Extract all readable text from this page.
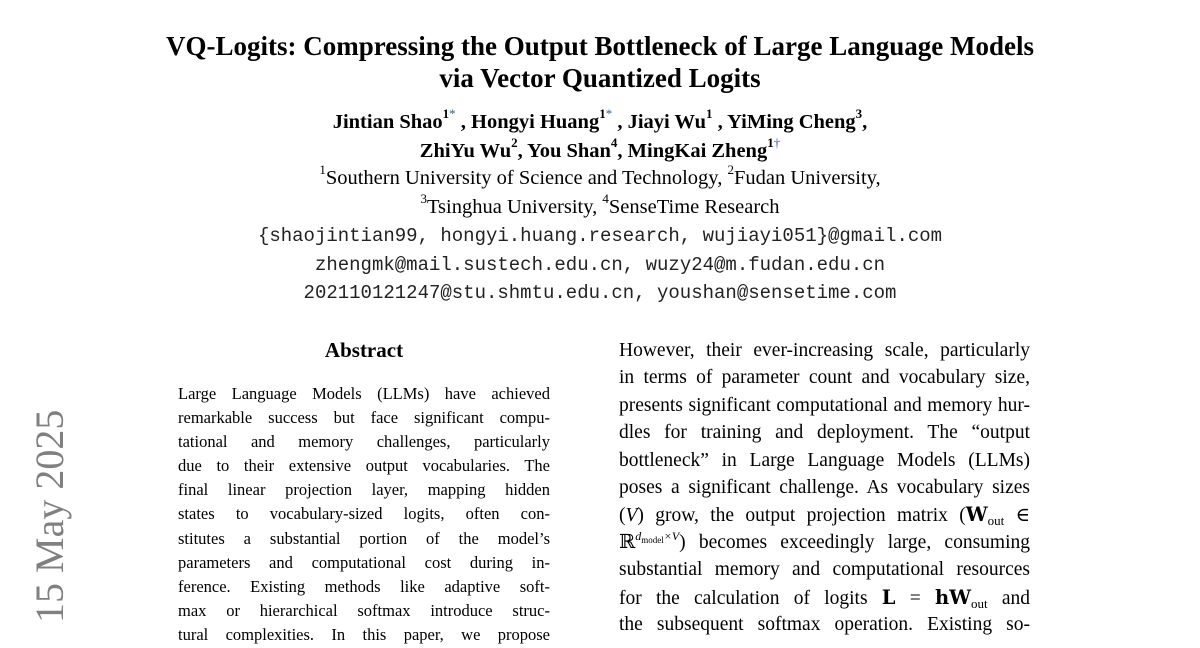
15 May 2025
VQ-Logits: Compressing the Output Bottleneck of Large Language Models
via Vector Quantized Logits
Jintian Shao$^{1*}$ , Hongyi Huang$^{1*}$ , Jiayi Wu$^1$ , YiMing Cheng$^3$,
ZhiYu Wu$^2$, You Shan$^4$, MingKai Zheng$^{1\dagger}$
$^1$Southern University of Science and Technology, $^2$Fudan University,
$^3$Tsinghua University, $^4$SenseTime Research
{shaojintian99, hongyi.huang.research, wujiayi051}@gmail.com
zhengmk@mail.sustech.edu.cn, wuzy24@m.fudan.edu.cn
202110121247@stu.shmtu.edu.cn, youshan@sensetime.com
Abstract
Large Language Models (LLMs) have achieved
remarkable success but face significant compu-
tational and memory challenges, particularly
due to their extensive output vocabularies. The
final linear projection layer, mapping hidden
states to vocabulary-sized logits, often con-
stitutes a substantial portion of the model’s
parameters and computational cost during in-
ference. Existing methods like adaptive soft-
max or hierarchical softmax introduce struc-
tural complexities. In this paper, we propose
However, their ever-increasing scale, particularly
in terms of parameter count and vocabulary size,
presents significant computational and memory hur-
dles for training and deployment. The “output
bottleneck” in Large Language Models (LLMs)
poses a significant challenge. As vocabulary sizes
(V) grow, the output projection matrix ($W_{out}$ ∈
ℝ$^{d_{model}\times V}$) becomes exceedingly large, consuming
substantial memory and computational resources
for the calculation of logits $L = hW_{out}$ and
the subsequent softmax operation. Existing so-
